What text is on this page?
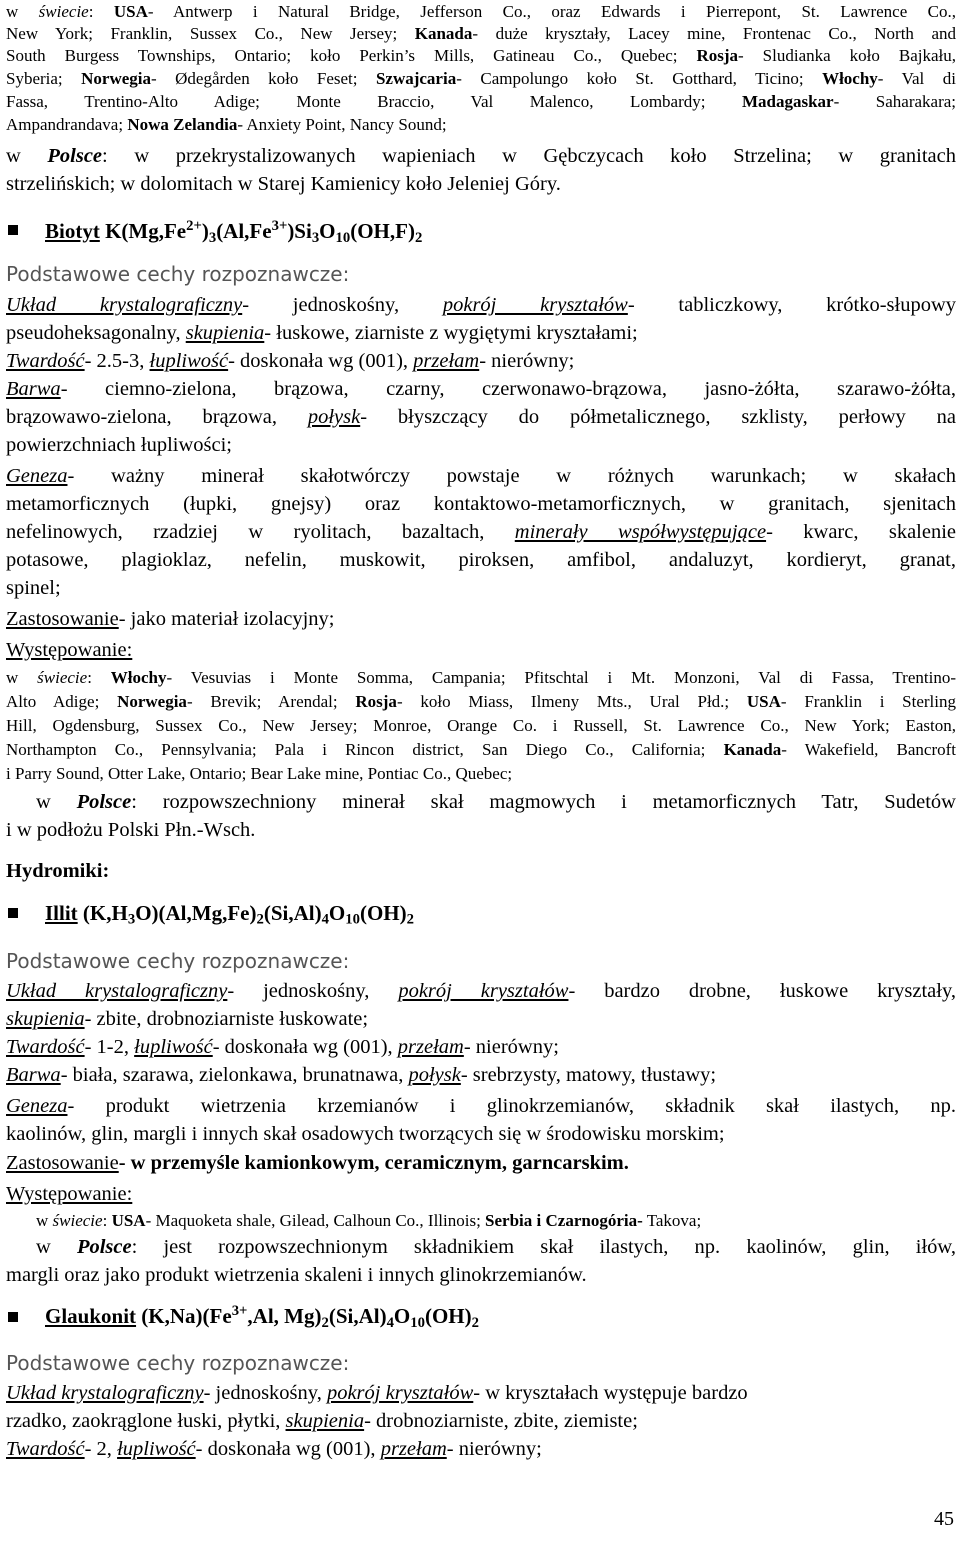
w świecie: USA- Antwerp i Natural Bridge, Jefferson Co., oraz Edwards i Pierrepont, St. Lawrence Co.,
New York; Franklin, Sussex Co., New Jersey; Kanada- duże kryształy, Lacey mine, Frontenac Co., North and
South Burgess Townships, Ontario; koło Perkin’s Mills, Gatineau Co., Quebec; Rosja- Sludianka koło Bajkału,
Syberia; Norwegia- Ødegården koło Feset; Szwajcaria- Campolungo koło St. Gotthard, Ticino; Włochy- Val di
Fassa, Trentino-Alto Adige; Monte Braccio, Val Malenco, Lombardy; Madagaskar- Saharakara;
Ampandrandava; Nowa Zelandia- Anxiety Point, Nancy Sound;
w Polsce: w przekrystalizowanych wapieniach w Gębczycach koło Strzelina; w granitach
strzelińskich; w dolomitach w Starej Kamienicy koło Jeleniej Góry.
Biotyt $K(Mg,Fe^{2+})_3(Al,Fe^{3+})Si_3O_{10}(OH,F)_2$
Podstawowe cechy rozpoznawcze:
Układ krystalograficzny- jednoskośny, pokrój kryształów- tabliczkowy, krótko-słupowy
pseudoheksagonalny, skupienia- łuskowe, ziarniste z wygiętymi kryształami;
Twardość- 2.5-3, łupliwość- doskonała wg (001), przełam- nierówny;
Barwa- ciemno-zielona, brązowa, czarny, czerwonawo-brązowa, jasno-żółta, szarawo-żółta,
brązowawo-zielona, brązowa, połysk- błyszczący do półmetalicznego, szklisty, perłowy na
powierzchniach łupliwości;
Geneza- ważny minerał skałotwórczy powstaje w różnych warunkach; w skałach
metamorficznych (łupki, gnejsy) oraz kontaktowo-metamorficznych, w granitach, sjenitach
nefelinowych, rzadziej w ryolitach, bazaltach, minerały współwystępujące- kwarc, skalenie
potasowe, plagioklaz, nefelin, muskowit, piroksen, amfibol, andaluzyt, kordieryt, granat,
spinel;
Zastosowanie- jako materiał izolacyjny;
Występowanie:
w świecie: Włochy- Vesuvias i Monte Somma, Campania; Pfitschtal i Mt. Monzoni, Val di Fassa, Trentino-
Alto Adige; Norwegia- Brevik; Arendal; Rosja- koło Miass, Ilmeny Mts., Ural Płd.; USA- Franklin i Sterling
Hill, Ogdensburg, Sussex Co., New Jersey; Monroe, Orange Co. i Russell, St. Lawrence Co., New York; Easton,
Northampton Co., Pennsylvania; Pala i Rincon district, San Diego Co., California; Kanada- Wakefield, Bancroft
i Parry Sound, Otter Lake, Ontario; Bear Lake mine, Pontiac Co., Quebec;
w Polsce: rozpowszechniony minerał skał magmowych i metamorficznych Tatr, Sudetów
i w podłożu Polski Płn.-Wsch.
Hydromiki:
Illit $(K,H_3O)(Al,Mg,Fe)_2(Si,Al)_4O_{10}(OH)_2$
Podstawowe cechy rozpoznawcze:
Układ krystalograficzny- jednoskośny, pokrój kryształów- bardzo drobne, łuskowe kryształy,
skupienia- zbite, drobnoziarniste łuskowate;
Twardość- 1-2, łupliwość- doskonała wg (001), przełam- nierówny;
Barwa- biała, szarawa, zielonkawa, brunatnawa, połysk- srebrzysty, matowy, tłustawy;
Geneza- produkt wietrzenia krzemianów i glinokrzemianów, składnik skał ilastych, np.
kaolinów, glin, margli i innych skał osadowych tworzących się w środowisku morskim;
Zastosowanie- w przemyśle kamionkowym, ceramicznym, garncarskim.
Występowanie:
w świecie: USA- Maquoketa shale, Gilead, Calhoun Co., Illinois; Serbia i Czarnogória- Takova;
w Polsce: jest rozpowszechnionym składnikiem skał ilastych, np. kaolinów, glin, iłów,
margli oraz jako produkt wietrzenia skaleni i innych glinokrzemianów.
Glaukonit $(K,Na)(Fe^{3+},Al$, $Mg)_2(Si,Al)_4O_{10}(OH)_2$
Podstawowe cechy rozpoznawcze:
Układ krystalograficzny- jednoskośny, pokrój kryształów- w kryształach występuje bardzo
rzadko, zaokrąglone łuski, płytki, skupienia- drobnoziarniste, zbite, ziemiste;
Twardość- 2, łupliwość- doskonała wg (001), przełam- nierówny;
45
